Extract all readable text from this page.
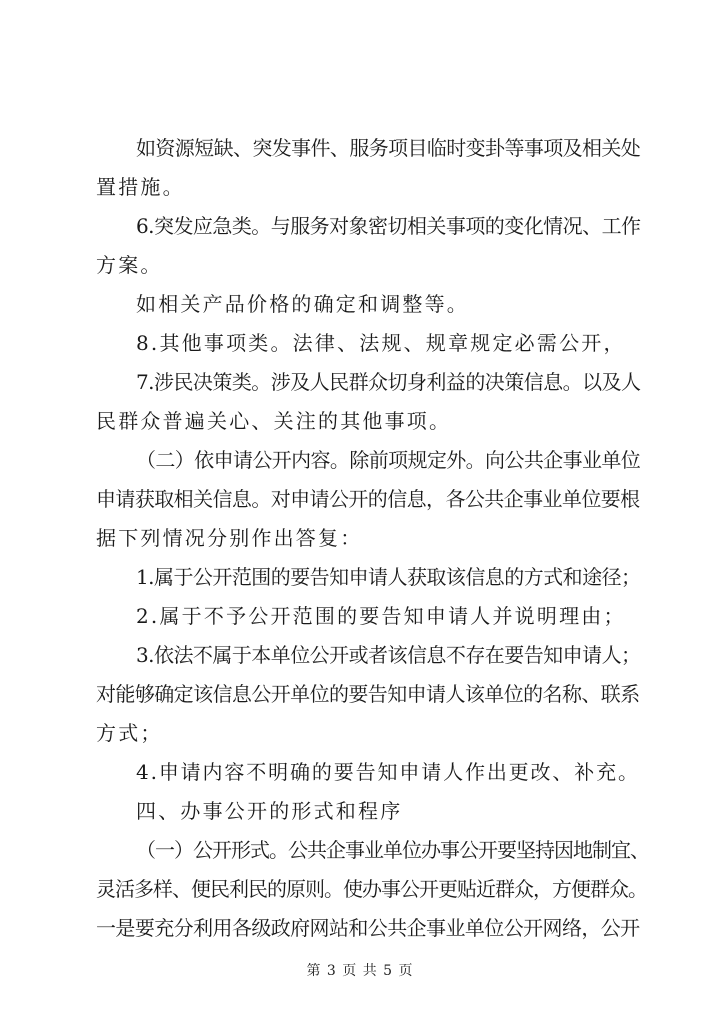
如资源短缺、突发事件、服务项目临时变卦等事项及相关处

置措施。

6.突发应急类。与服务对象密切相关事项的变化情况、工作

方案。

如相关产品价格的确定和调整等。

8.其他事项类。法律、法规、规章规定必需公开，

7.涉民决策类。涉及人民群众切身利益的决策信息。以及人

民群众普遍关心、关注的其他事项。

（二）依申请公开内容。除前项规定外。向公共企事业单位

申请获取相关信息。对申请公开的信息，各公共企事业单位要根

据下列情况分别作出答复：

1.属于公开范围的要告知申请人获取该信息的方式和途径；

2.属于不予公开范围的要告知申请人并说明理由；

3.依法不属于本单位公开或者该信息不存在要告知申请人；

对能够确定该信息公开单位的要告知申请人该单位的名称、联系

方式；

4.申请内容不明确的要告知申请人作出更改、补充。

四、办事公开的形式和程序

（一）公开形式。公共企事业单位办事公开要坚持因地制宜、

灵活多样、便民利民的原则。使办事公开更贴近群众，方便群众。

一是要充分利用各级政府网站和公共企事业单位公开网络，公开

第 3 页 共 5 页
